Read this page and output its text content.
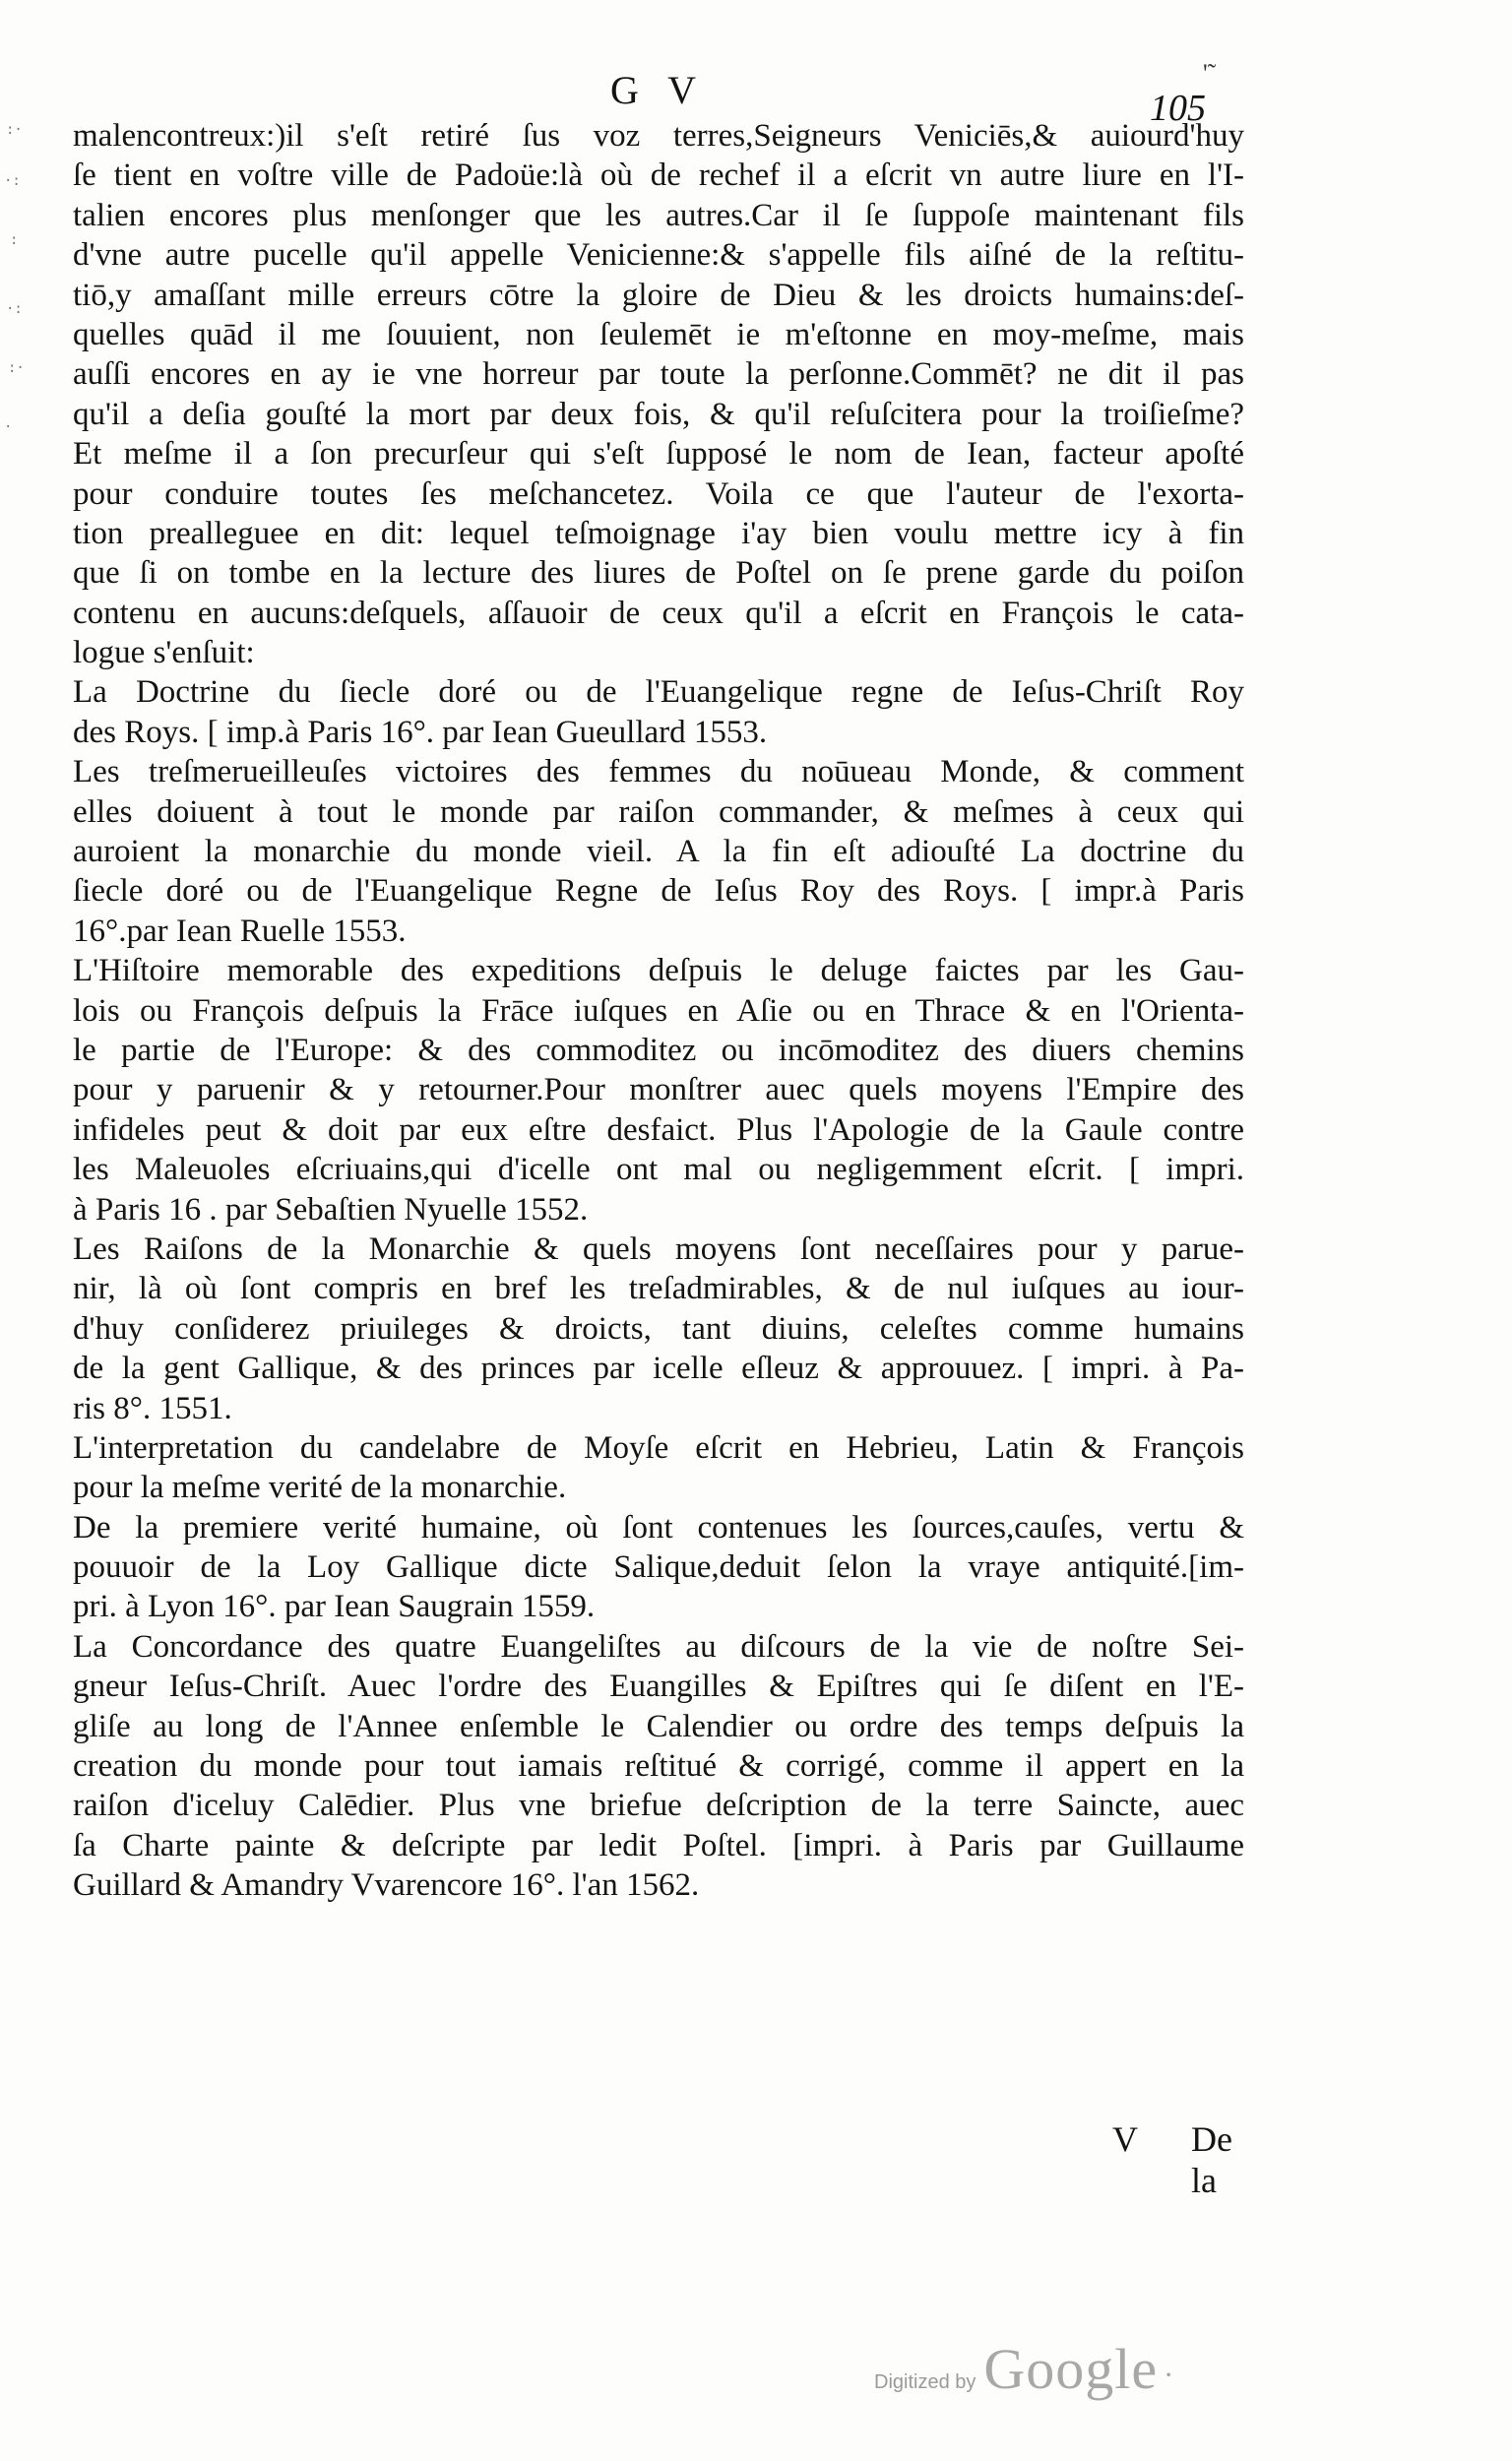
:·
·:
:
·:
:·
·
G V	'˜
105
malencontreux:)il s'eſt retiré ſus voz terres,Seigneurs Veniciēs,& auiourd'huy
ſe tient en voſtre ville de Padoüe:là où de rechef il a eſcrit vn autre liure en l'I-
talien encores plus menſonger que les autres.Car il ſe ſuppoſe maintenant fils
d'vne autre pucelle qu'il appelle Venicienne:& s'appelle fils aiſné de la reſtitu-
tiō,y amaſſant mille erreurs cōtre la gloire de Dieu & les droicts humains:deſ-
quelles quād il me ſouuient, non ſeulemēt ie m'eſtonne en moy-meſme, mais
auſſi encores en ay ie vne horreur par toute la perſonne.Commēt? ne dit il pas
qu'il a deſia gouſté la mort par deux fois, & qu'il reſuſcitera pour la troiſieſme?
Et meſme il a ſon precurſeur qui s'eſt ſupposé le nom de Iean, facteur apoſté
pour conduire toutes ſes meſchancetez. Voila ce que l'auteur de l'exorta-
tion prealleguee en dit: lequel teſmoignage i'ay bien voulu mettre icy à fin
que ſi on tombe en la lecture des liures de Poſtel on ſe prene garde du poiſon
contenu en aucuns:deſquels, aſſauoir de ceux qu'il a eſcrit en François le cata-
logue s'enſuit:
La Doctrine du ſiecle doré ou de l'Euangelique regne de Ieſus-Chriſt Roy
des Roys. [ imp.à Paris 16°. par Iean Gueullard 1553.
Les treſmerueilleuſes victoires des femmes du noūueau Monde, & comment
elles doiuent à tout le monde par raiſon commander, & meſmes à ceux qui
auroient la monarchie du monde vieil. A la fin eſt adiouſté La doctrine du
ſiecle doré ou de l'Euangelique Regne de Ieſus Roy des Roys. [ impr.à Paris
16°.par Iean Ruelle 1553.
L'Hiſtoire memorable des expeditions deſpuis le deluge faictes par les Gau-
lois ou François deſpuis la Frāce iuſques en Aſie ou en Thrace & en l'Orienta-
le partie de l'Europe: & des commoditez ou incōmoditez des diuers chemins
pour y paruenir & y retourner.Pour monſtrer auec quels moyens l'Empire des
infideles peut & doit par eux eſtre desfaict. Plus l'Apologie de la Gaule contre
les Maleuoles eſcriuains,qui d'icelle ont mal ou negligemment eſcrit. [ impri.
à Paris 16 . par Sebaſtien Nyuelle 1552.
Les Raiſons de la Monarchie & quels moyens ſont neceſſaires pour y parue-
nir, là où ſont compris en bref les treſadmirables, & de nul iuſques au iour-
d'huy conſiderez priuileges & droicts, tant diuins, celeſtes comme humains
de la gent Gallique, & des princes par icelle eſleuz & approuuez. [ impri. à Pa-
ris 8°. 1551.
L'interpretation du candelabre de Moyſe eſcrit en Hebrieu, Latin & François
pour la meſme verité de la monarchie.
De la premiere verité humaine, où ſont contenues les ſources,cauſes, vertu &
pouuoir de la Loy Gallique dicte Salique,deduit ſelon la vraye antiquité.[im-
pri. à Lyon 16°. par Iean Saugrain 1559.
La Concordance des quatre Euangeliſtes au diſcours de la vie de noſtre Sei-
gneur Ieſus-Chriſt. Auec l'ordre des Euangilles & Epiſtres qui ſe diſent en l'E-
gliſe au long de l'Annee enſemble le Calendier ou ordre des temps deſpuis la
creation du monde pour tout iamais reſtitué & corrigé, comme il appert en la
raiſon d'iceluy Calēdier. Plus vne briefue deſcription de la terre Saincte, auec
ſa Charte painte & deſcripte par ledit Poſtel. [impri. à Paris par Guillaume
Guillard & Amandry Vvarencore 16°. l'an 1562.
V De la
Digitized by Google ·
